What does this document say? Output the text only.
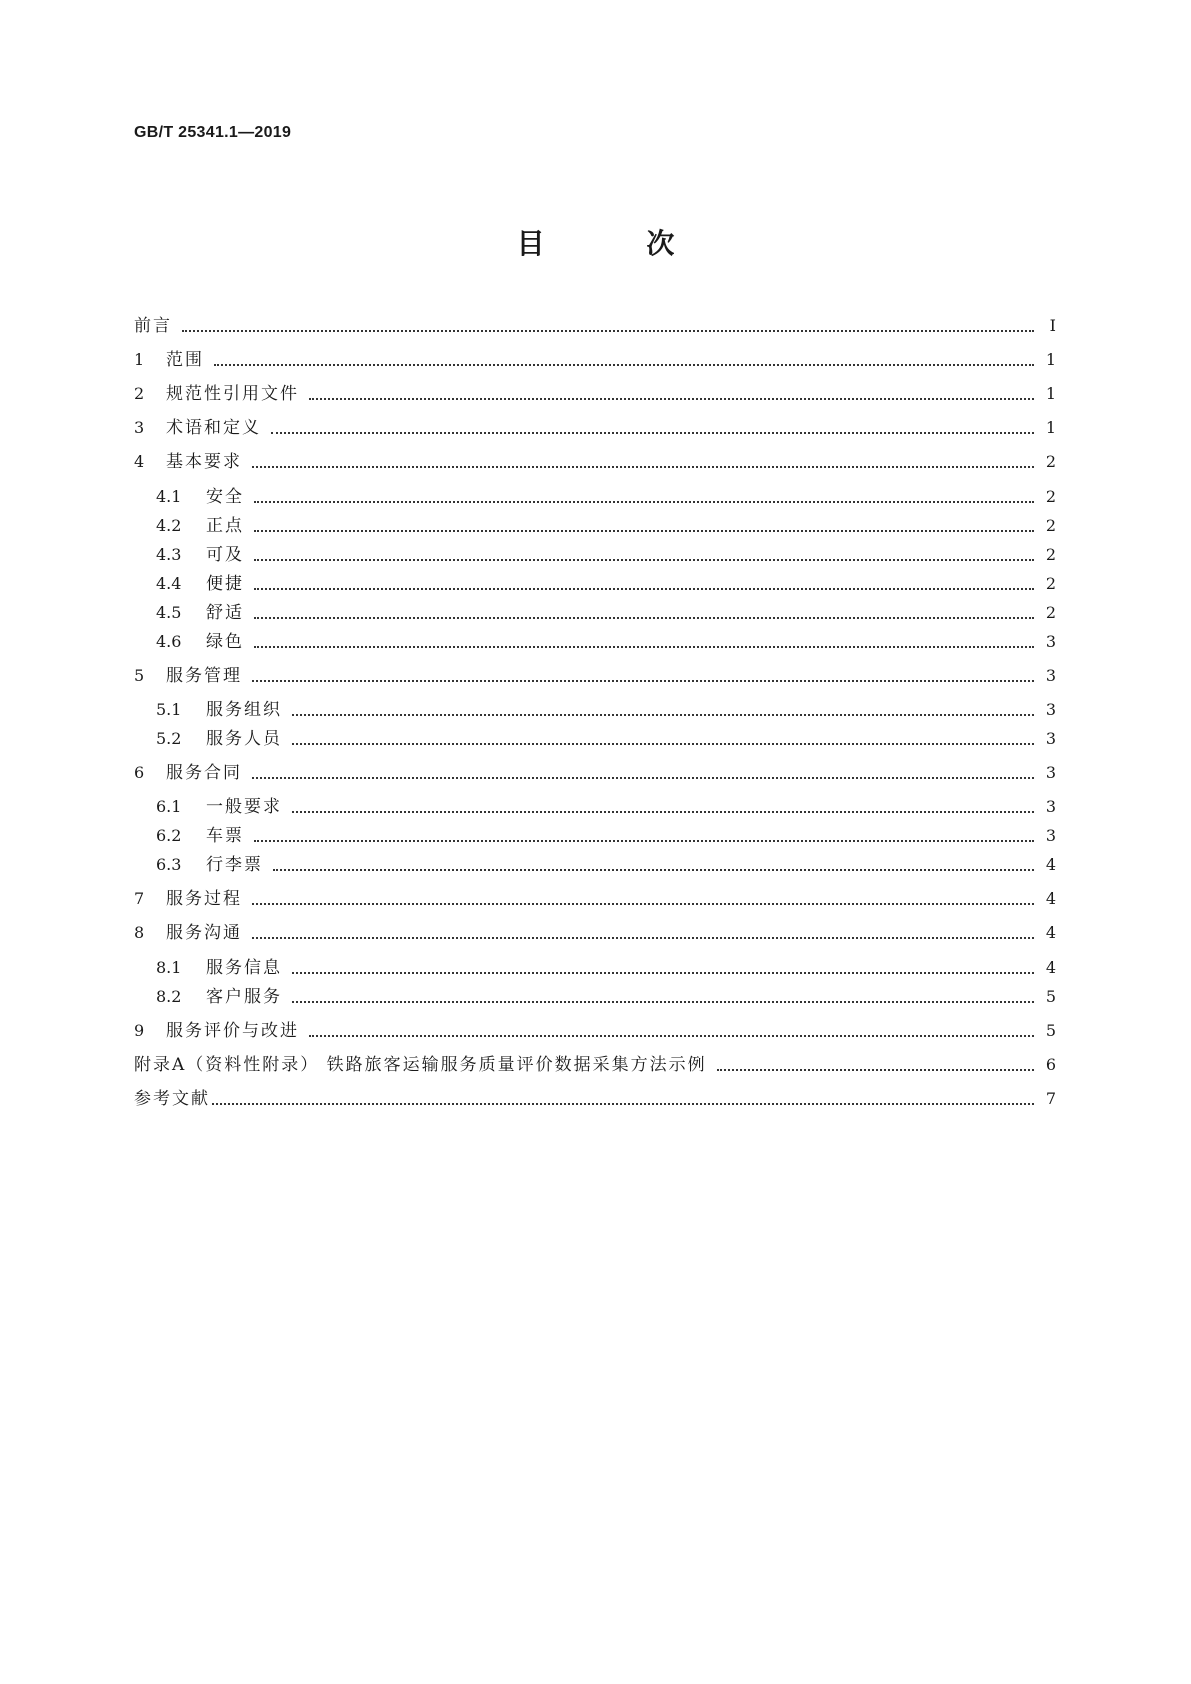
GB/T 25341.1—2019
目 次
前言	Ⅰ
1	范围	1
2	规范性引用文件	1
3	术语和定义	1
4	基本要求	2
4.1	安全	2
4.2	正点	2
4.3	可及	2
4.4	便捷	2
4.5	舒适	2
4.6	绿色	3
5	服务管理	3
5.1	服务组织	3
5.2	服务人员	3
6	服务合同	3
6.1	一般要求	3
6.2	车票	3
6.3	行李票	4
7	服务过程	4
8	服务沟通	4
8.1	服务信息	4
8.2	客户服务	5
9	服务评价与改进	5
附录A（资料性附录） 铁路旅客运输服务质量评价数据采集方法示例	6
参考文献	7
